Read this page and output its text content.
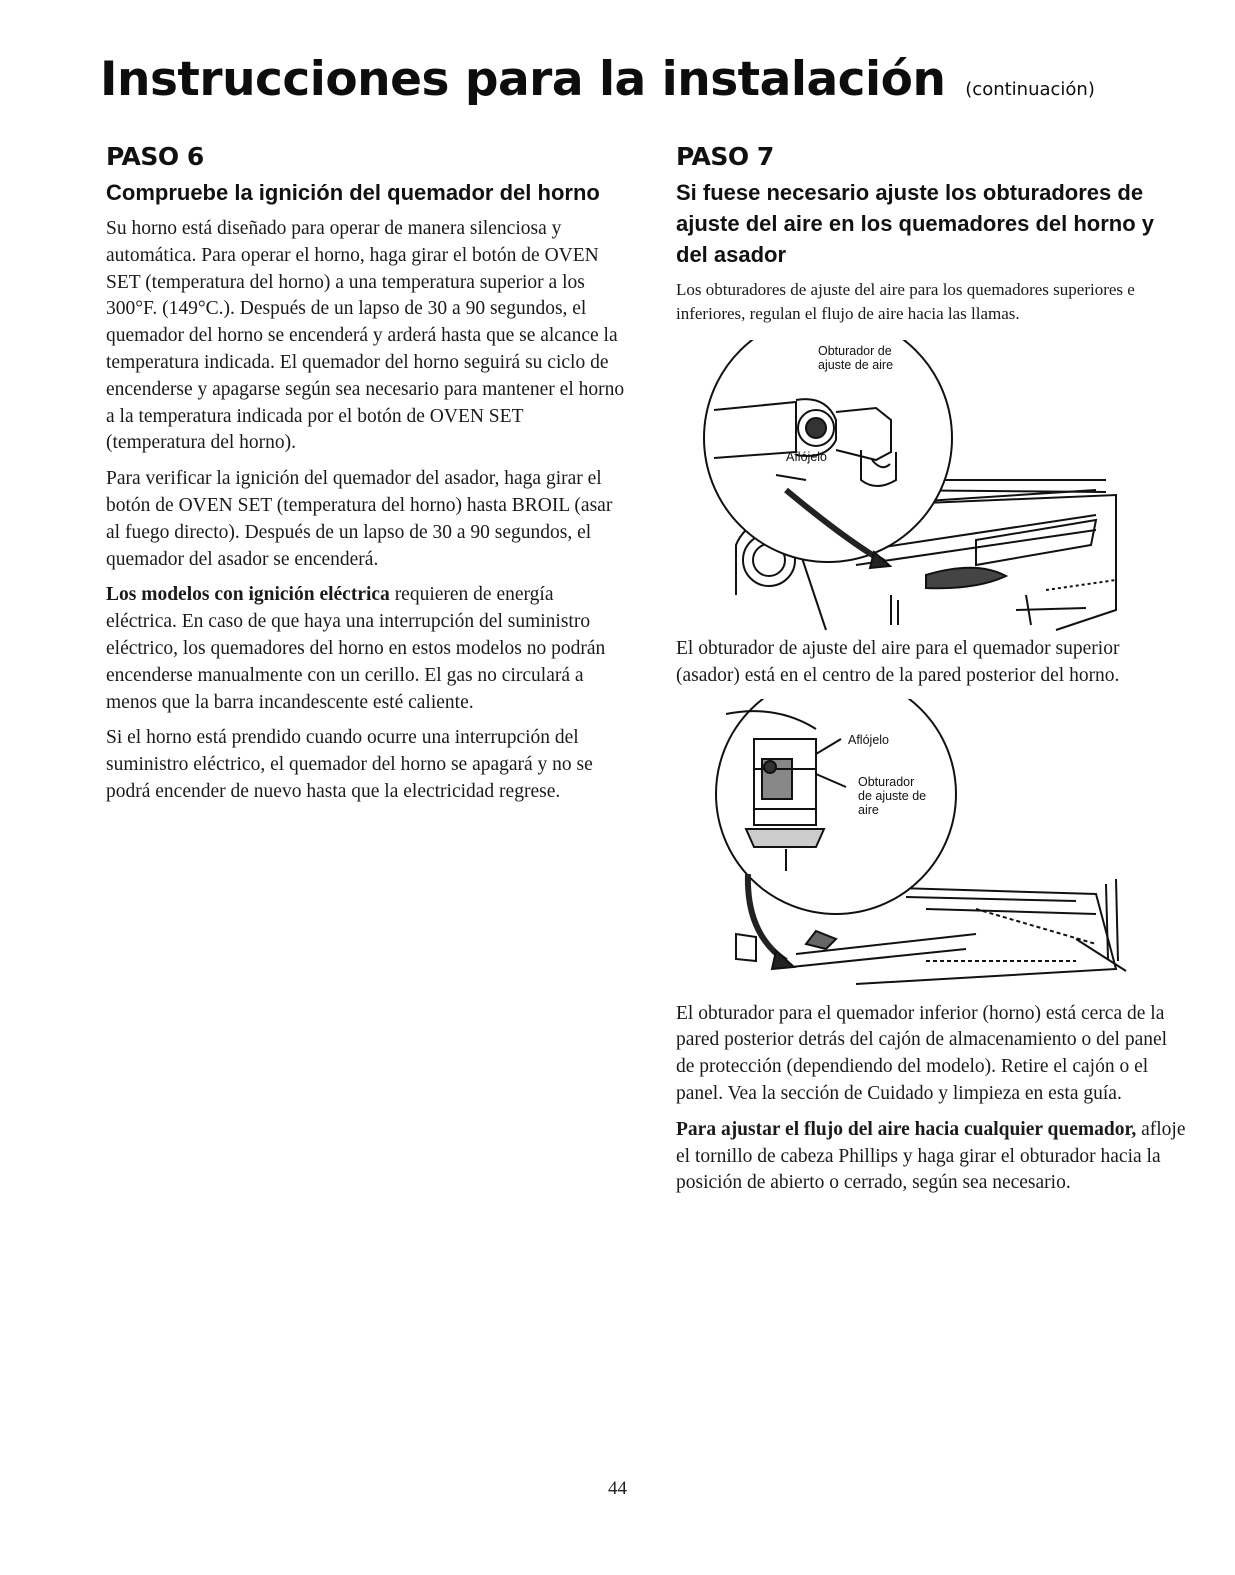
Instrucciones para la instalación (continuación)
PASO 6
Compruebe la ignición del quemador del horno

Su horno está diseñado para operar de manera silenciosa y automática. Para operar el horno, haga girar el botón de OVEN SET (temperatura del horno) a una temperatura superior a los 300°F. (149°C.). Después de un lapso de 30 a 90 segundos, el quemador del horno se encenderá y arderá hasta que se alcance la temperatura indicada. El quemador del horno seguirá su ciclo de encenderse y apagarse según sea necesario para mantener el horno a la temperatura indicada por el botón de OVEN SET (temperatura del horno).

Para verificar la ignición del quemador del asador, haga girar el botón de OVEN SET (temperatura del horno) hasta BROIL (asar al fuego directo). Después de un lapso de 30 a 90 segundos, el quemador del asador se encenderá.

Los modelos con ignición eléctrica requieren de energía eléctrica. En caso de que haya una interrupción del suministro eléctrico, los quemadores del horno en estos modelos no podrán encenderse manualmente con un cerillo. El gas no circulará a menos que la barra incandescente esté caliente.

Si el horno está prendido cuando ocurre una interrupción del suministro eléctrico, el quemador del horno se apagará y no se podrá encender de nuevo hasta que la electricidad regrese.

PASO 7
Si fuese necesario ajuste los obturadores de ajuste del aire en los quemadores del horno y del asador

Los obturadores de ajuste del aire para los quemadores superiores e inferiores, regulan el flujo de aire hacia las llamas.

Obturador de ajuste de aire
Aflójelo

El obturador de ajuste del aire para el quemador superior (asador) está en el centro de la pared posterior del horno.

Aflójelo
Obturador de ajuste de aire

El obturador para el quemador inferior (horno) está cerca de la pared posterior detrás del cajón de almacenamiento o del panel de protección (dependiendo del modelo). Retire el cajón o el panel. Vea la sección de Cuidado y limpieza en esta guía.

Para ajustar el flujo del aire hacia cualquier quemador, afloje el tornillo de cabeza Phillips y haga girar el obturador hacia la posición de abierto o cerrado, según sea necesario.

44
